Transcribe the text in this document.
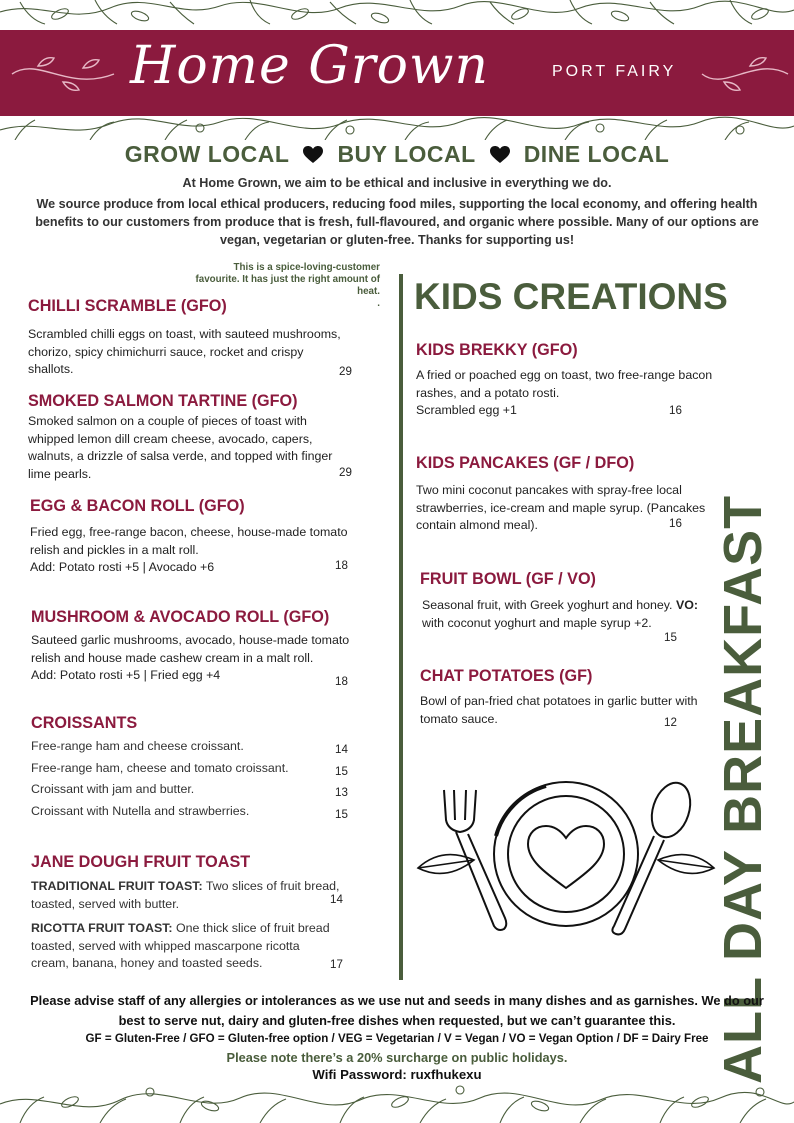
Home Grown	PORT FAIRY
GROW LOCAL BUY LOCAL DINE LOCAL
At Home Grown, we aim to be ethical and inclusive in everything we do.
We source produce from local ethical producers, reducing food miles, supporting the local economy, and offering health benefits to our customers from produce that is fresh, full-flavoured, and organic where possible. Many of our options are vegan, vegetarian or gluten-free. Thanks for supporting us!
This is a spice-loving-customer favourite. It has just the right amount of heat.
.
CHILLI SCRAMBLE (GFO)
Scrambled chilli eggs on toast, with sauteed mushrooms, chorizo, spicy chimichurri sauce, rocket and crispy shallots.	29
SMOKED SALMON TARTINE (GFO)
Smoked salmon on a couple of pieces of toast with whipped lemon dill cream cheese, avocado, capers, walnuts, a drizzle of salsa verde, and topped with finger lime pearls.	29
EGG & BACON ROLL (GFO)
Fried egg, free-range bacon, cheese, house-made tomato relish and pickles in a malt roll.
Add: Potato rosti +5 | Avocado +6	18
MUSHROOM & AVOCADO ROLL (GFO)
Sauteed garlic mushrooms, avocado, house-made tomato relish and house made cashew cream in a malt roll.
Add: Potato rosti +5 | Fried egg +4	18
CROISSANTS
Free-range ham and cheese croissant.	14
Free-range ham, cheese and tomato croissant.	15
Croissant with jam and butter.	13
Croissant with Nutella and strawberries.	15
JANE DOUGH FRUIT TOAST
TRADITIONAL FRUIT TOAST: Two slices of fruit bread, toasted, served with butter.	14
RICOTTA FRUIT TOAST: One thick slice of fruit bread toasted, served with whipped mascarpone ricotta cream, banana, honey and toasted seeds.	17
KIDS CREATIONS
KIDS BREKKY (GFO)
A fried or poached egg on toast, two free-range bacon rashes, and a potato rosti.
Scrambled egg +1	16
KIDS PANCAKES (GF / DFO)
Two mini coconut pancakes with spray-free local strawberries, ice-cream and maple syrup. (Pancakes contain almond meal).	16
FRUIT BOWL (GF / VO)
Seasonal fruit, with Greek yoghurt and honey. VO: with coconut yoghurt and maple syrup +2.
15
CHAT POTATOES (GF)
Bowl of pan-fried chat potatoes in garlic butter with tomato sauce.	12 ALL DAY BREAKFAST
Please advise staff of any allergies or intolerances as we use nut and seeds in many dishes and as garnishes. We do our best to serve nut, dairy and gluten-free dishes when requested, but we can’t guarantee this.
GF = Gluten-Free / GFO = Gluten-free option / VEG = Vegetarian / V = Vegan / VO = Vegan Option / DF = Dairy Free
Please note there’s a 20% surcharge on public holidays.
Wifi Password: ruxfhukexu
